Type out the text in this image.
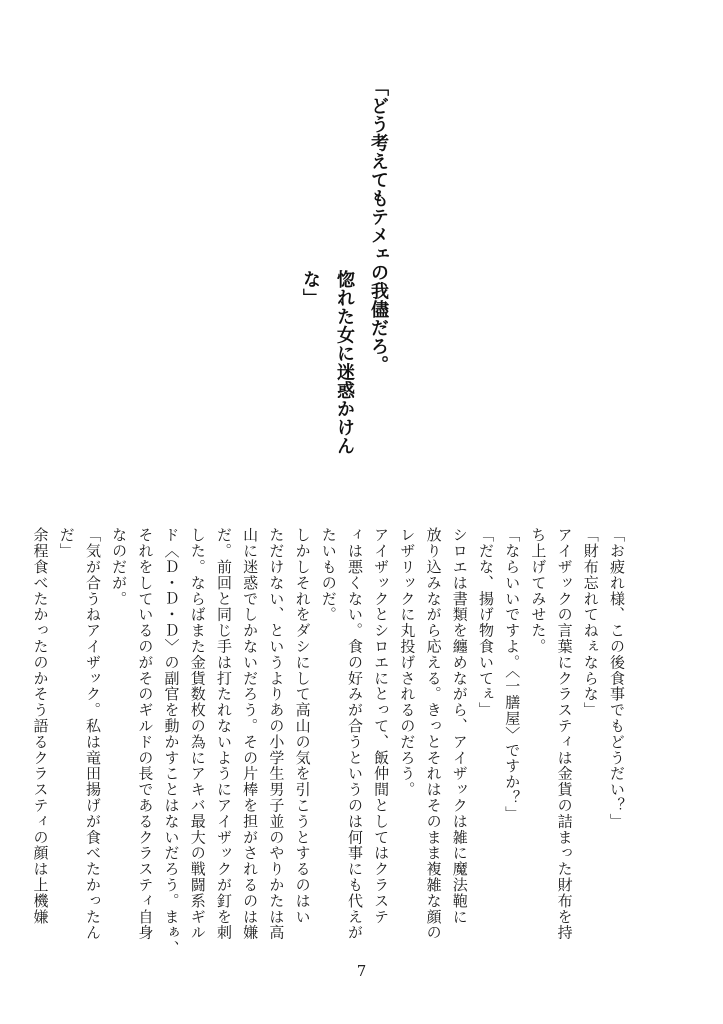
「どう考えてもテメェの我儘だろ。
惚れた女に迷惑かけんな」
「お疲れ様、この後食事でもどうだい？」
「財布忘れてねぇならな」
アイザックの言葉にクラスティは金貨の詰まった財布を持
ち上げてみせた。
「ならいいですよ。〈一膳屋〉ですか？」
「だな、揚げ物食いてぇ」
シロエは書類を纏めながら、アイザックは雑に魔法鞄に
放り込みながら応える。きっとそれはそのまま複雑な顔の
レザリックに丸投げされるのだろう。
アイザックとシロエにとって、飯仲間としてはクラステ
ィは悪くない。食の好みが合うというのは何事にも代えが
たいものだ。
しかしそれをダシにして高山の気を引こうとするのはい
ただけない、というよりあの小学生男子並のやりかたは高
山に迷惑でしかないだろう。その片棒を担がされるのは嫌
だ。前回と同じ手は打たれないようにアイザックが釘を刺
した。ならばまた金貨数枚の為にアキバ最大の戦闘系ギル
ド〈Ｄ・Ｄ・Ｄ〉の副官を動かすことはないだろう。まぁ、
それをしているのがそのギルドの長であるクラスティ自身
なのだが。
「気が合うねアイザック。私は竜田揚げが食べたかったん
だ」
余程食べたかったのかそう語るクラスティの顔は上機嫌
7
